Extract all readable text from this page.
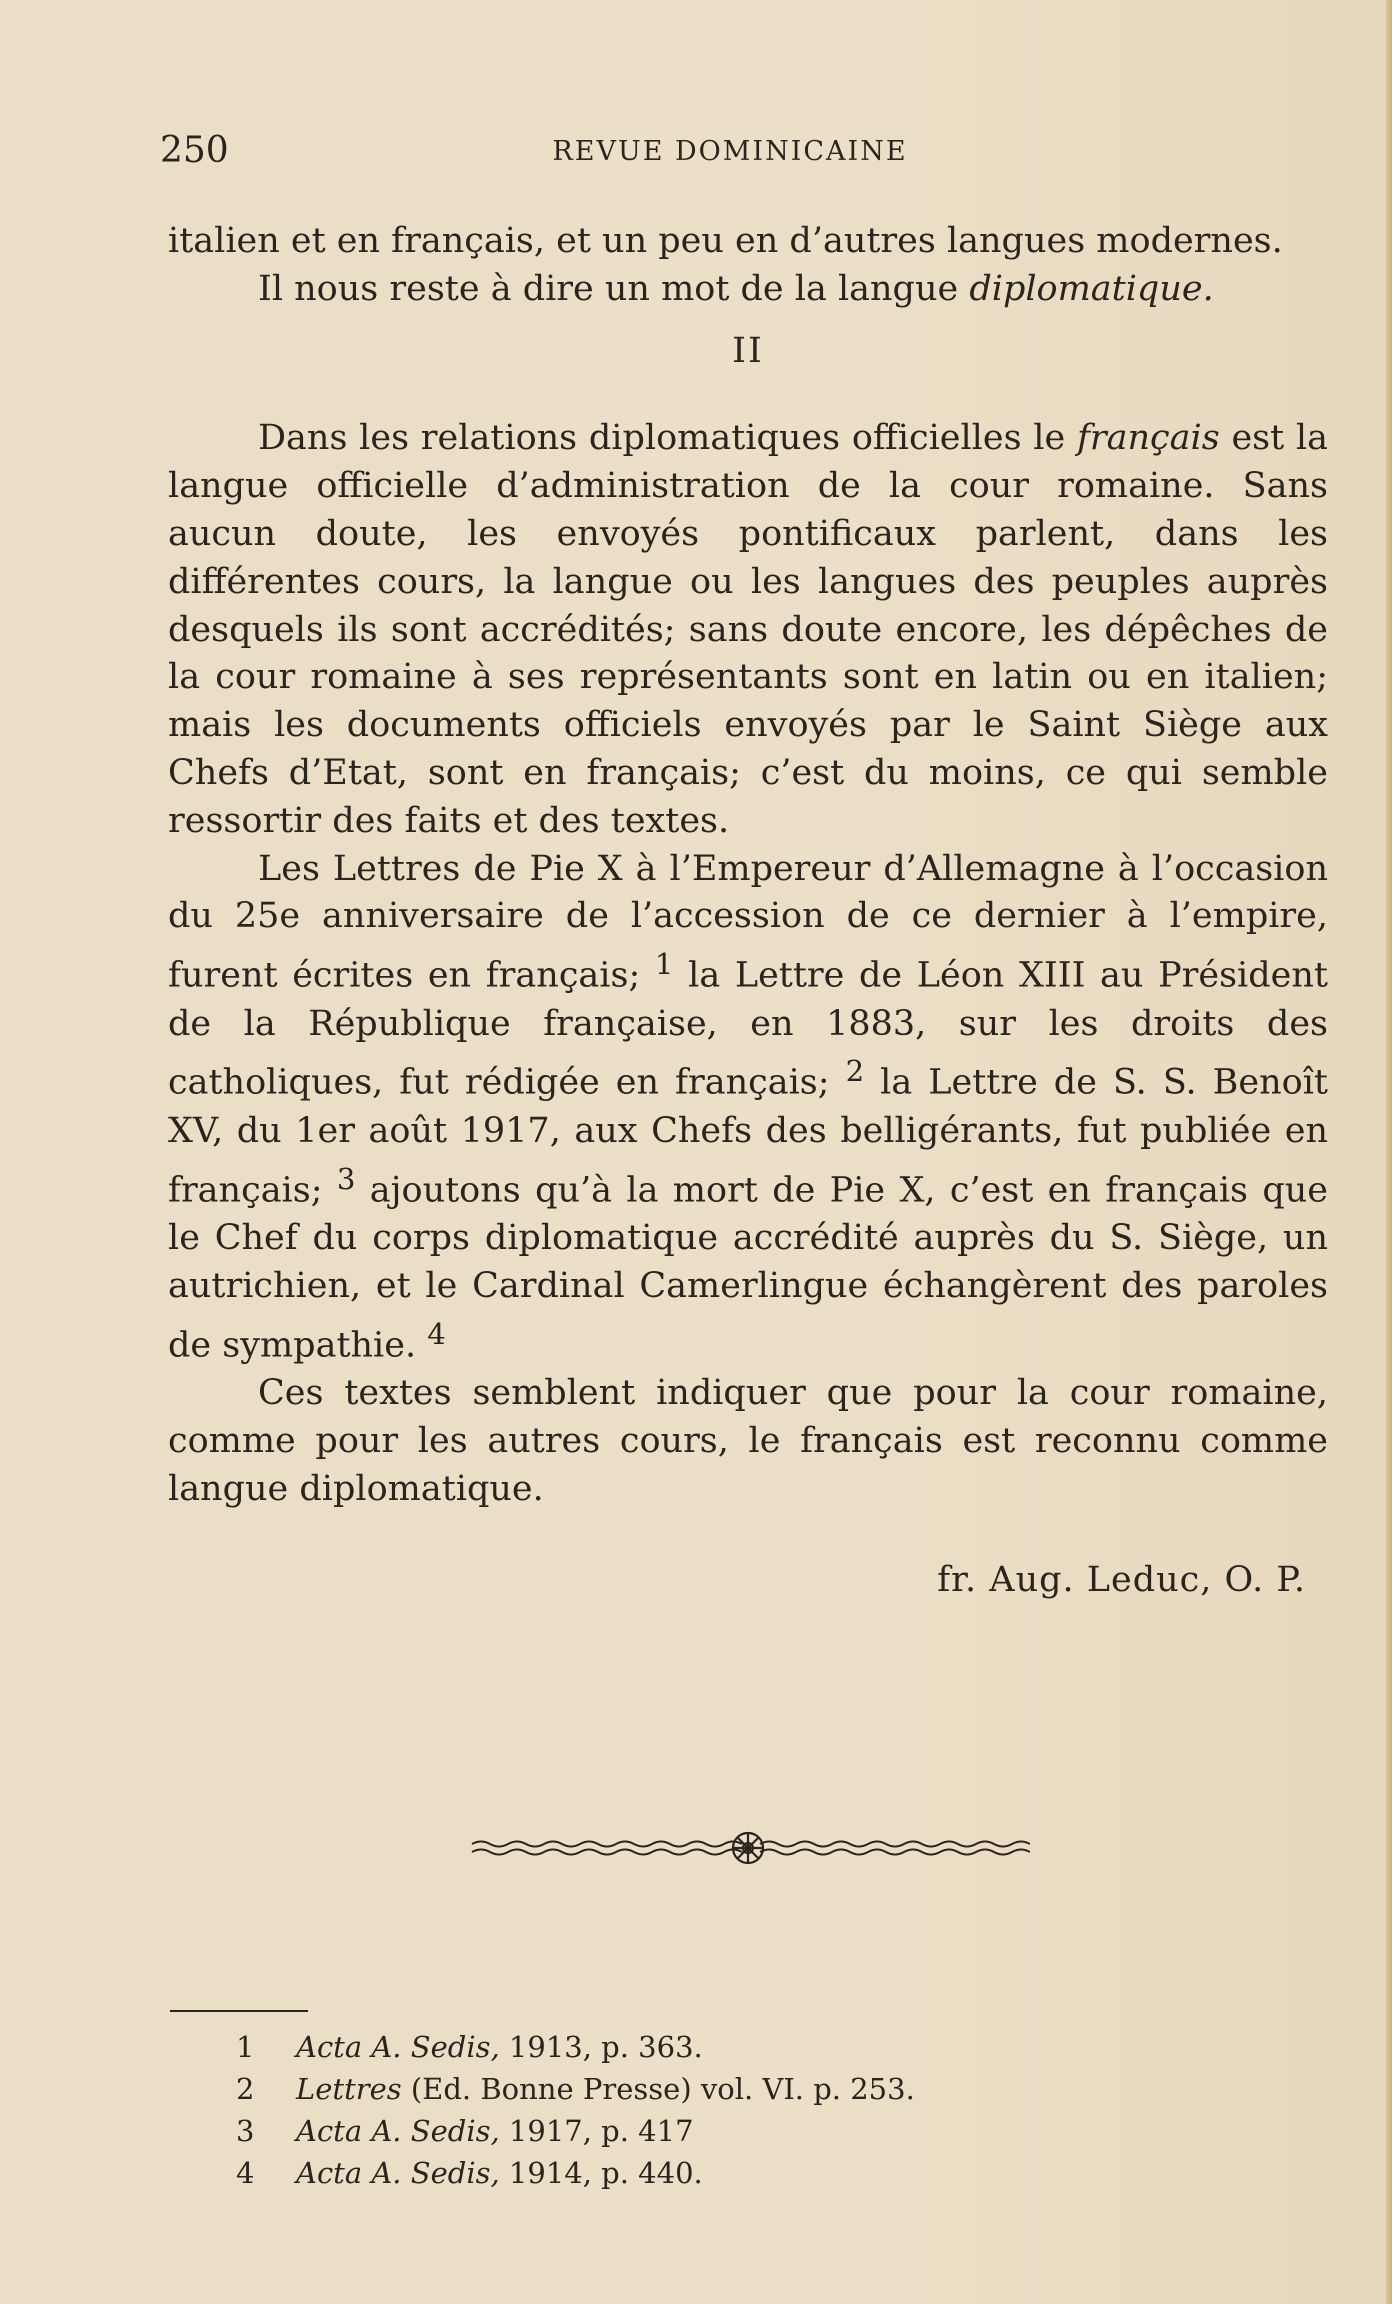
250	REVUE DOMINICAINE

italien et en français, et un peu en d’autres langues modernes.

Il nous reste à dire un mot de la langue diplomatique.

II

Dans les relations diplomatiques officielles le français est la langue officielle d’administration de la cour romaine. Sans aucun doute, les envoyés pontificaux parlent, dans les différentes cours, la langue ou les langues des peuples auprès desquels ils sont accrédités; sans doute encore, les dépêches de la cour romaine à ses représentants sont en latin ou en italien; mais les documents officiels envoyés par le Saint Siège aux Chefs d’Etat, sont en français; c’est du moins, ce qui semble ressortir des faits et des textes.

Les Lettres de Pie X à l’Empereur d’Allemagne à l’occasion du 25e anniversaire de l’accession de ce dernier à l’empire, furent écrites en français; $^1$ la Lettre de Léon XIII au Président de la République française, en 1883, sur les droits des catholiques, fut rédigée en français; $^2$ la Lettre de S. S. Benoît XV, du 1er août 1917, aux Chefs des belligérants, fut publiée en français; $^3$ ajoutons qu’à la mort de Pie X, c’est en français que le Chef du corps diplomatique accrédité auprès du S. Siège, un autrichien, et le Cardinal Camerlingue échangèrent des paroles de sympathie. $^4$

Ces textes semblent indiquer que pour la cour romaine, comme pour les autres cours, le français est reconnu comme langue diplomatique.

fr. Aug. Leduc, O. P.
1	Acta A. Sedis, 1913, p. 363.
2	Lettres (Ed. Bonne Presse) vol. VI. p. 253.
3	Acta A. Sedis, 1917, p. 417
4	Acta A. Sedis, 1914, p. 440.
